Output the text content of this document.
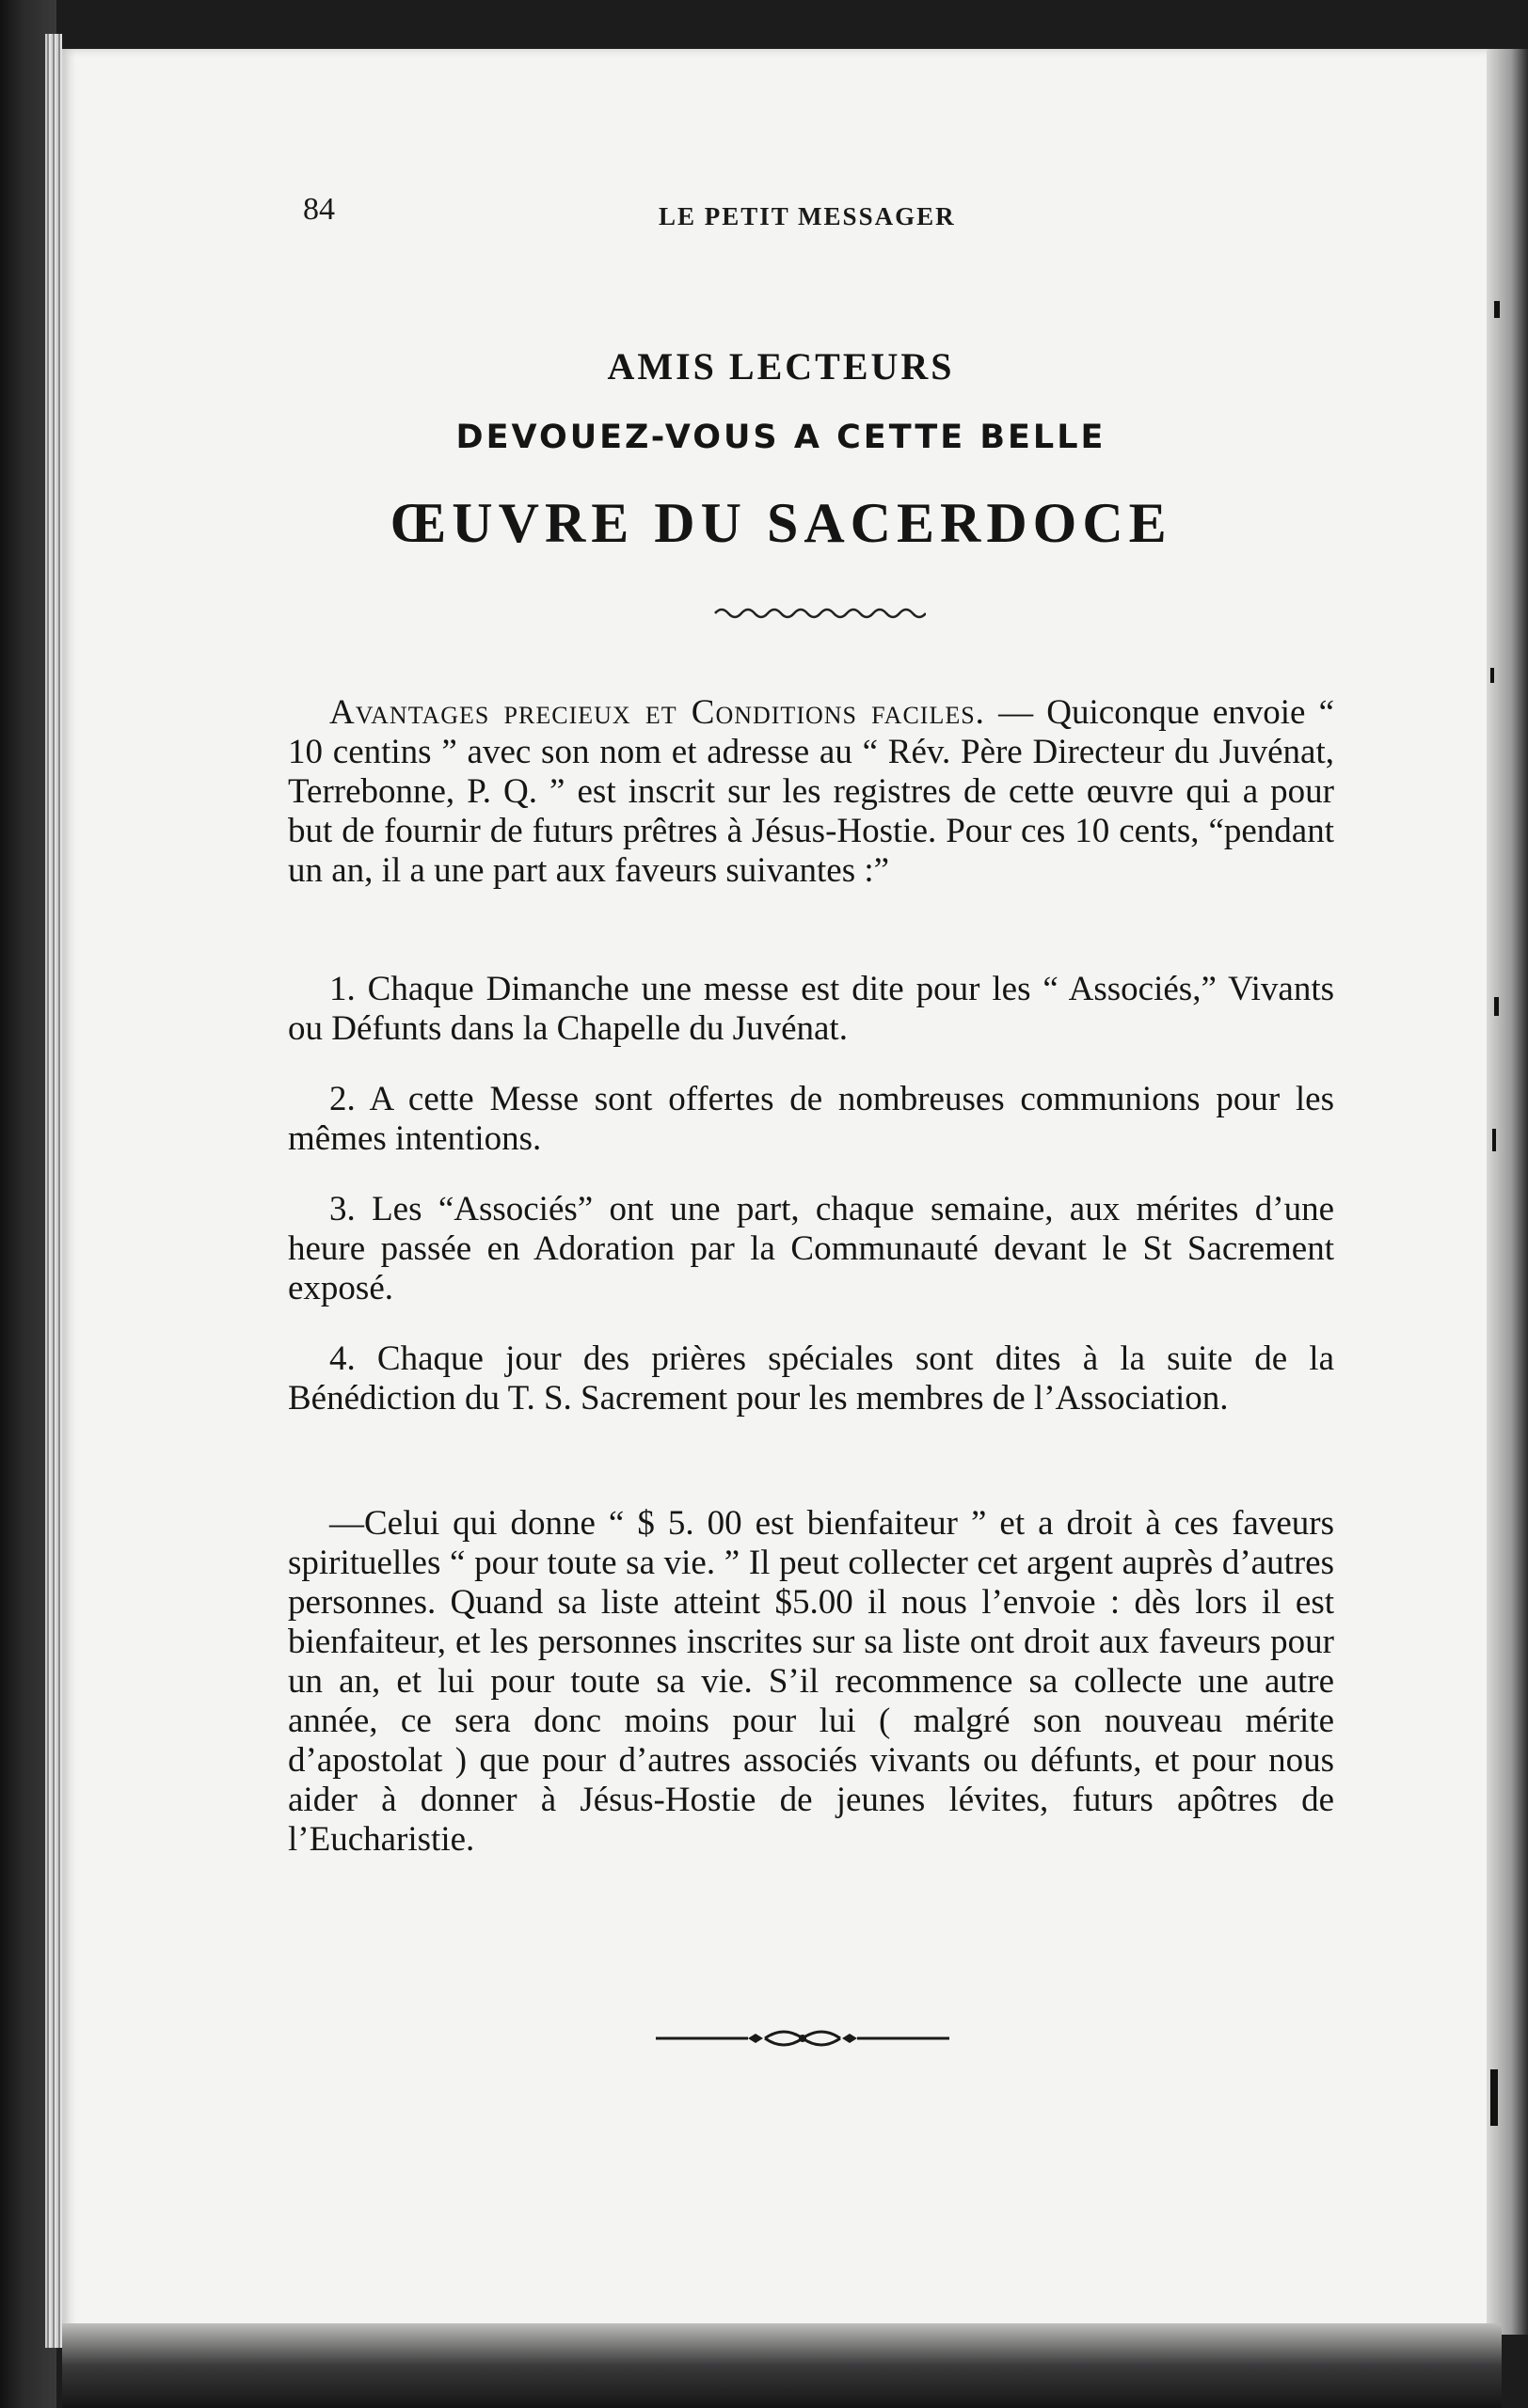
84	LE PETIT MESSAGER
AMIS LECTEURS
DEVOUEZ-VOUS A CETTE BELLE
ŒUVRE DU SACERDOCE
Avantages precieux et Conditions faciles. — Quiconque envoie “ 10 centins ” avec son nom et adresse au “ Rév. Père Directeur du Juvénat, Terrebonne, P. Q. ” est inscrit sur les registres de cette œuvre qui a pour but de fournir de futurs prêtres à Jésus-Hostie. Pour ces 10 cents, “pendant un an, il a une part aux faveurs suivantes :”
1. Chaque Dimanche une messe est dite pour les “ Associés,” Vivants ou Défunts dans la Chapelle du Juvénat.
2. A cette Messe sont offertes de nombreuses communions pour les mêmes intentions.
3. Les “Associés” ont une part, chaque semaine, aux mérites d’une heure passée en Adoration par la Communauté devant le St Sacrement exposé.
4. Chaque jour des prières spéciales sont dites à la suite de la Bénédiction du T. S. Sacrement pour les membres de l’Association.
—Celui qui donne “ $ 5. 00 est bienfaiteur ” et a droit à ces faveurs spirituelles “ pour toute sa vie. ” Il peut collecter cet argent auprès d’autres personnes. Quand sa liste atteint $5.00 il nous l’envoie : dès lors il est bienfaiteur, et les personnes inscrites sur sa liste ont droit aux faveurs pour un an, et lui pour toute sa vie. S’il recommence sa collecte une autre année, ce sera donc moins pour lui ( malgré son nouveau mérite d’apostolat ) que pour d’autres associés vivants ou défunts, et pour nous aider à donner à Jésus-Hostie de jeunes lévites, futurs apôtres de l’Eucharistie.
